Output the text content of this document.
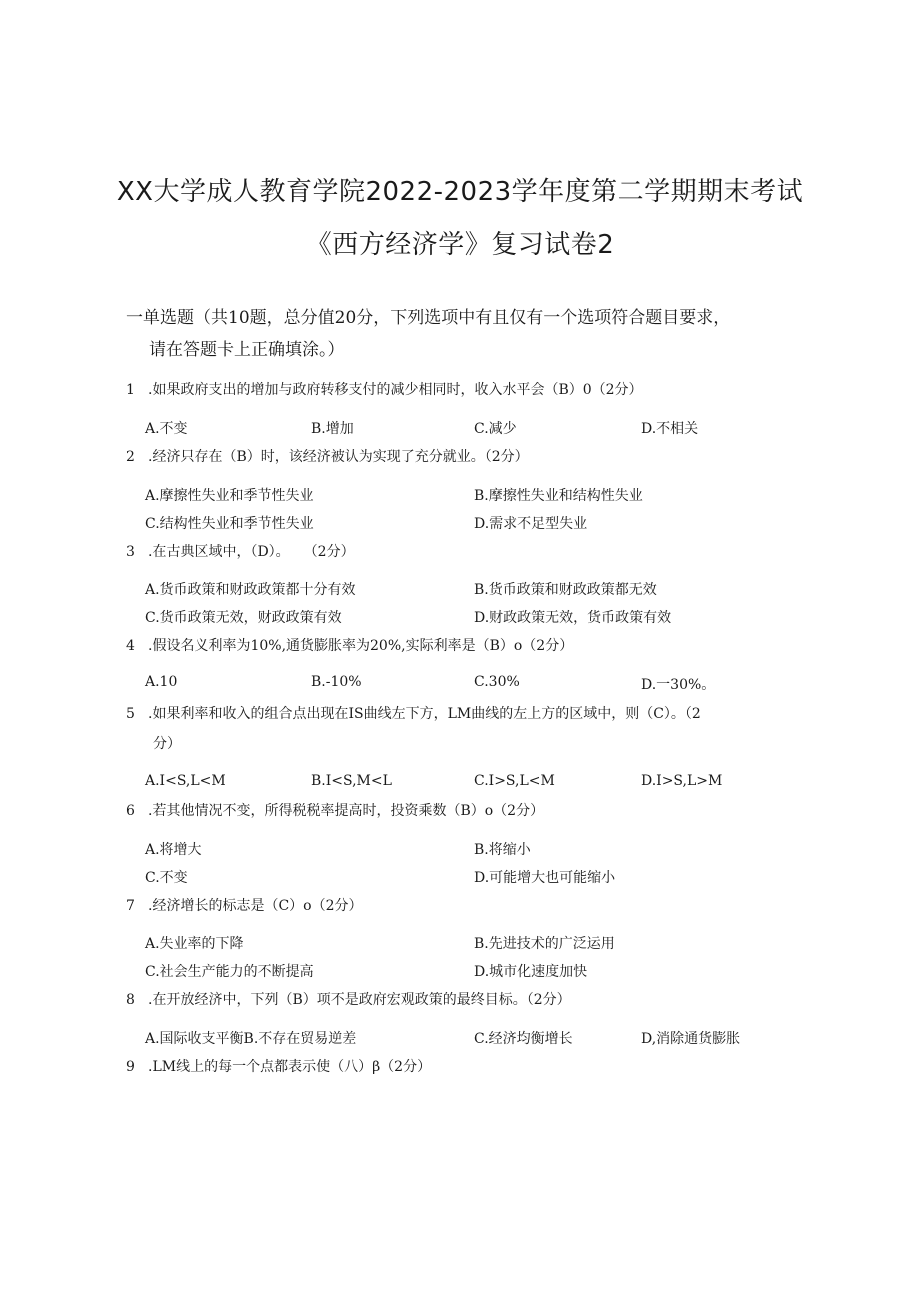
XX大学成人教育学院2022-2023学年度第二学期期末考试
《西方经济学》复习试卷2
一单选题（共10题，总分值20分，下列选项中有且仅有一个选项符合题目要求，
请在答题卡上正确填涂。）
1 .如果政府支出的增加与政府转移支付的减少相同时，收入水平会（B）0（2分）
A.不变	B.增加	C.减少	D.不相关
2 .经济只存在（B）时，该经济被认为实现了充分就业。（2分）
A.摩擦性失业和季节性失业	B.摩擦性失业和结构性失业
C.结构性失业和季节性失业	D.需求不足型失业
3 .在古典区域中，（D）。　　（2分）
A.货币政策和财政政策都十分有效	B.货币政策和财政政策都无效
C.货币政策无效，财政政策有效	D.财政政策无效，货币政策有效
4 .假设名义利率为10%,通货膨胀率为20%,实际利率是（B）o（2分）
A.10	B.-10%	C.30%	D.一30%。
5 .如果利率和收入的组合点出现在IS曲线左下方，LM曲线的左上方的区域中，则（C）。（2
分）
A.I<S,L<M	B.I<S,M<L	C.I>S,L<M	D.I>S,L>M
6 .若其他情况不变，所得税税率提高时，投资乘数（B）o（2分）
A.将增大	B.将缩小
C.不变	D.可能增大也可能缩小
7 .经济增长的标志是（C）o（2分）
A.失业率的下降	B.先进技术的广泛运用
C.社会生产能力的不断提高	D.城市化速度加快
8 .在开放经济中，下列（B）项不是政府宏观政策的最终目标。（2分）
A.国际收支平衡B.不存在贸易逆差	C.经济均衡增长	D,消除通货膨胀
9 .LM线上的每一个点都表示使（八）β（2分）
